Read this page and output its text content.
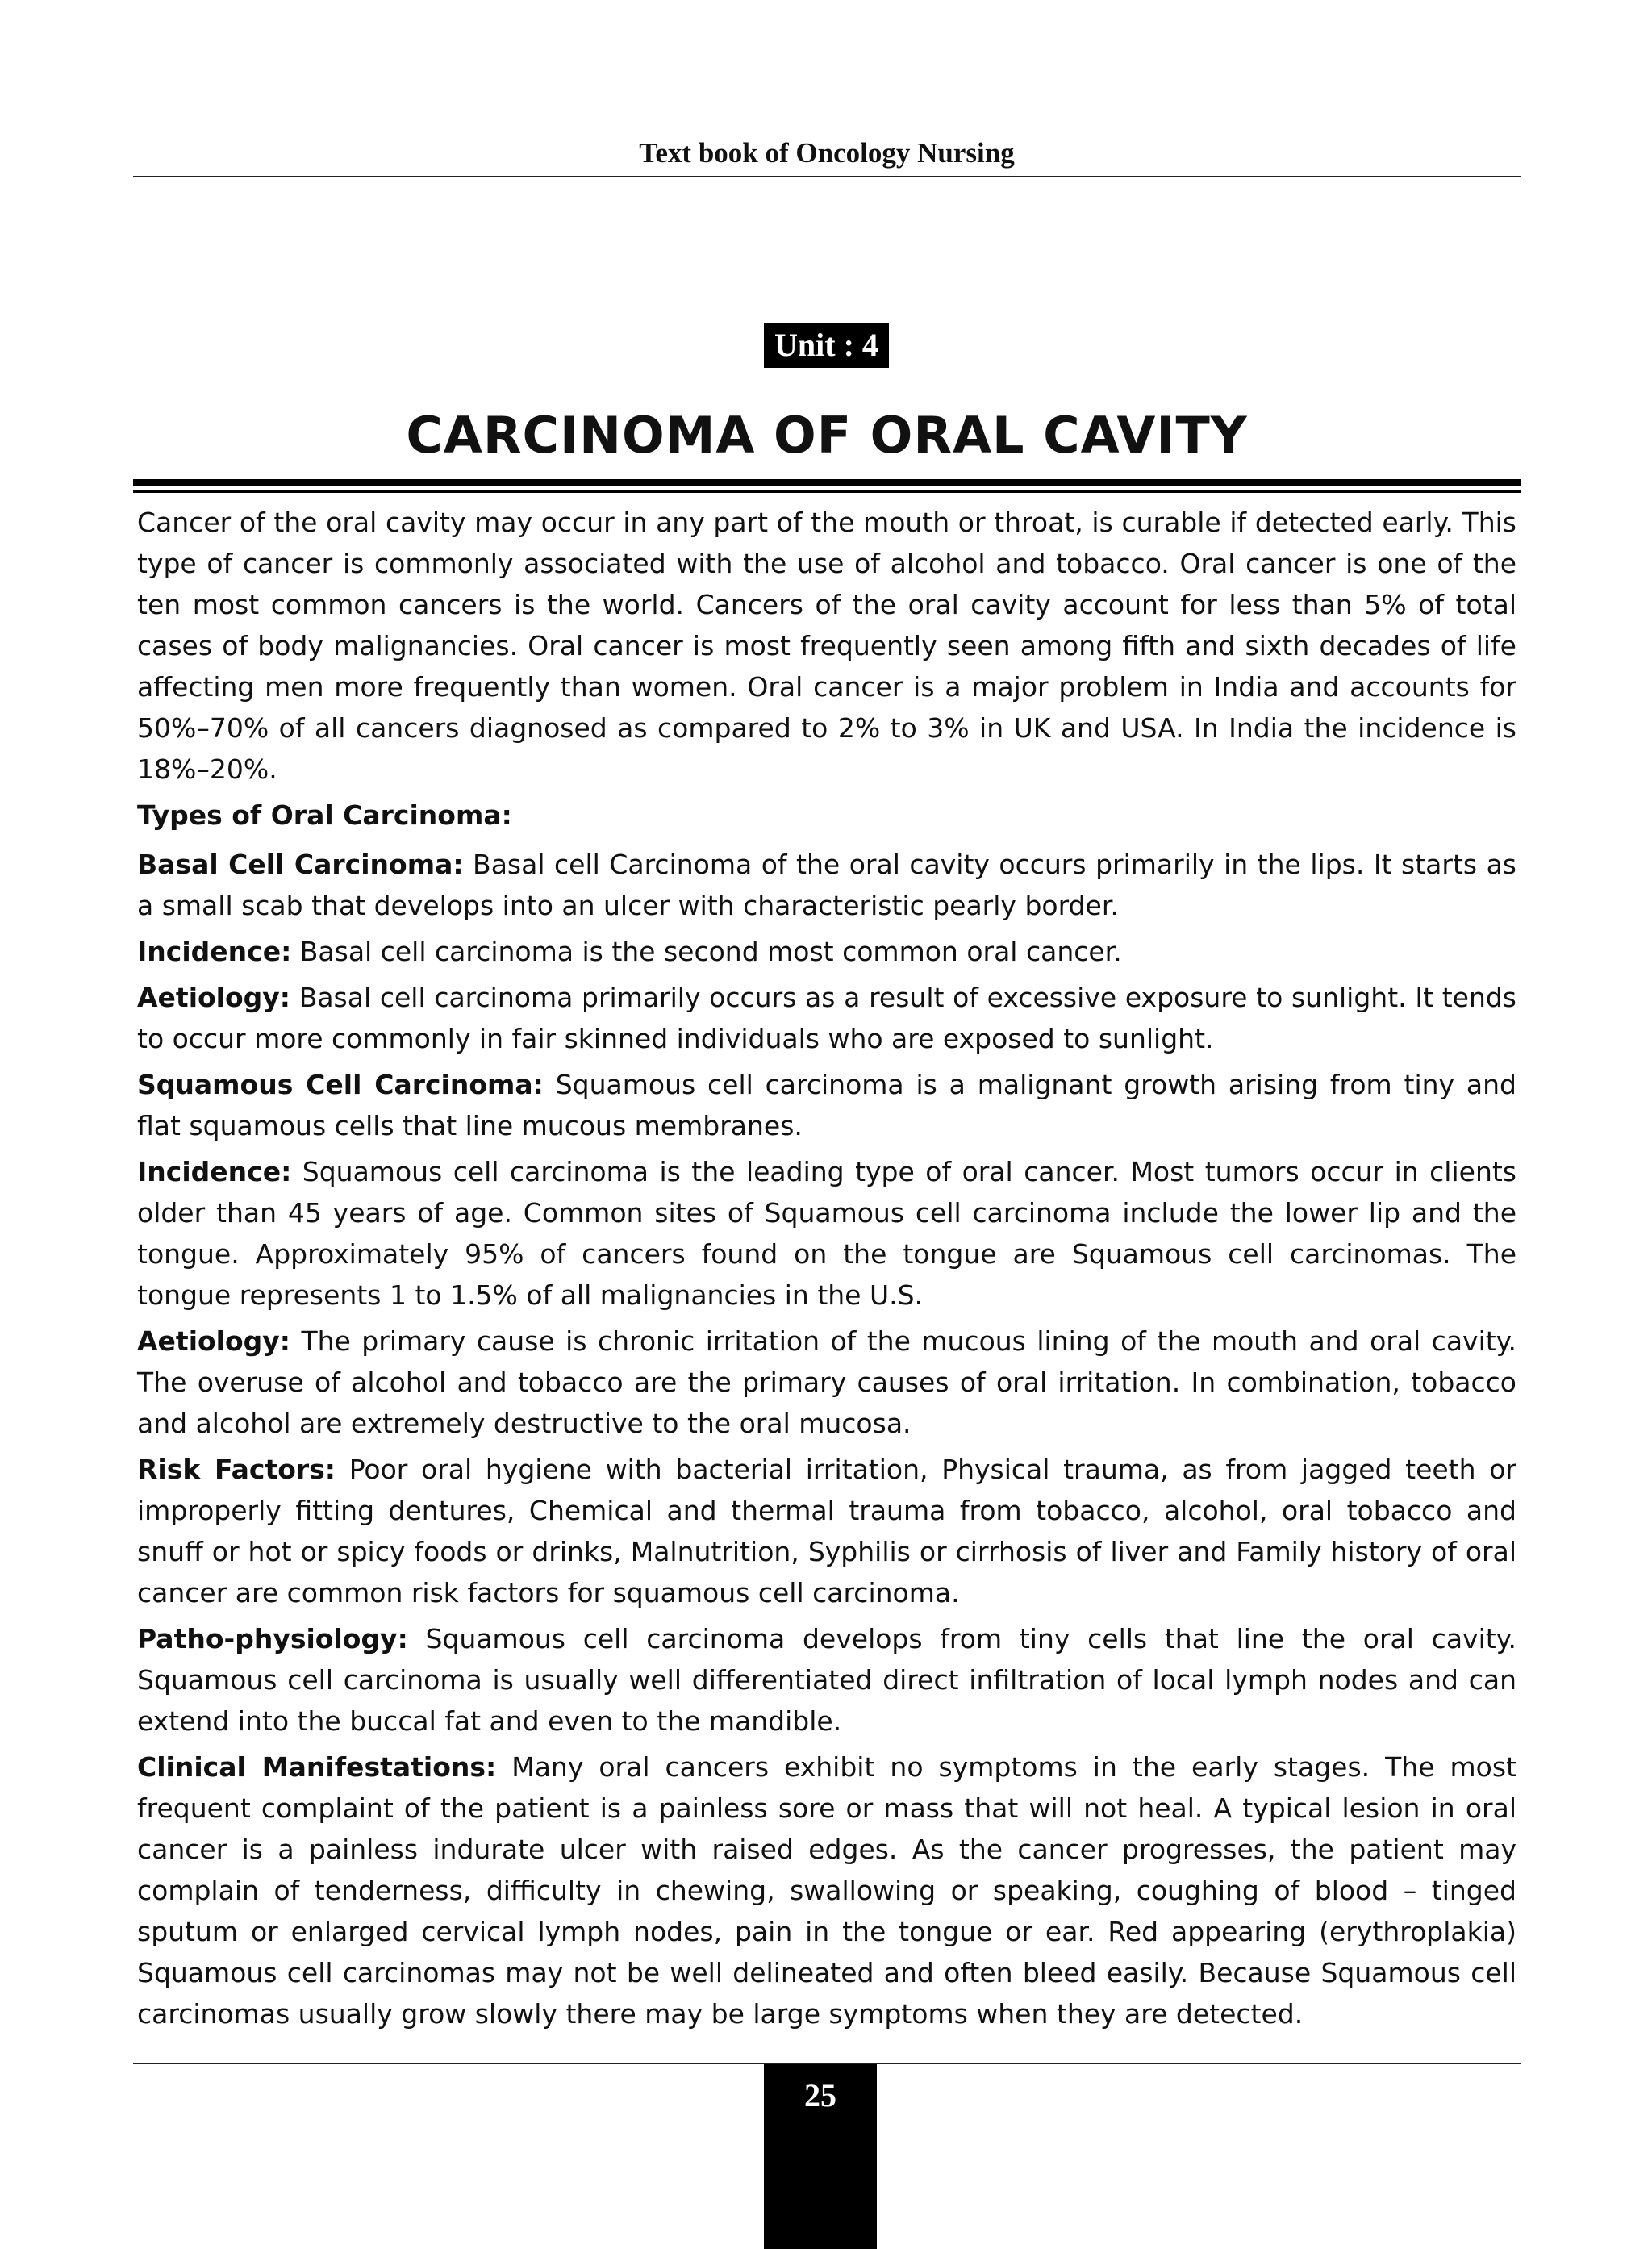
Text book of Oncology Nursing
Unit : 4
CARCINOMA OF ORAL CAVITY

Cancer of the oral cavity may occur in any part of the mouth or throat, is curable if detected early. This type of cancer is commonly associated with the use of alcohol and tobacco. Oral cancer is one of the ten most common cancers is the world. Cancers of the oral cavity account for less than 5% of total cases of body malignancies. Oral cancer is most frequently seen among fifth and sixth decades of life affecting men more frequently than women. Oral cancer is a major problem in India and accounts for 50%–70% of all cancers diagnosed as compared to 2% to 3% in UK and USA. In India the incidence is 18%–20%.

Types of Oral Carcinoma:

Basal Cell Carcinoma: Basal cell Carcinoma of the oral cavity occurs primarily in the lips. It starts as a small scab that develops into an ulcer with characteristic pearly border.

Incidence: Basal cell carcinoma is the second most common oral cancer.

Aetiology: Basal cell carcinoma primarily occurs as a result of excessive exposure to sunlight. It tends to occur more commonly in fair skinned individuals who are exposed to sunlight.

Squamous Cell Carcinoma: Squamous cell carcinoma is a malignant growth arising from tiny and flat squamous cells that line mucous membranes.

Incidence: Squamous cell carcinoma is the leading type of oral cancer. Most tumors occur in clients older than 45 years of age. Common sites of Squamous cell carcinoma include the lower lip and the tongue. Approximately 95% of cancers found on the tongue are Squamous cell carcinomas. The tongue represents 1 to 1.5% of all malignancies in the U.S.

Aetiology: The primary cause is chronic irritation of the mucous lining of the mouth and oral cavity. The overuse of alcohol and tobacco are the primary causes of oral irritation. In combination, tobacco and alcohol are extremely destructive to the oral mucosa.

Risk Factors: Poor oral hygiene with bacterial irritation, Physical trauma, as from jagged teeth or improperly fitting dentures, Chemical and thermal trauma from tobacco, alcohol, oral tobacco and snuff or hot or spicy foods or drinks, Malnutrition, Syphilis or cirrhosis of liver and Family history of oral cancer are common risk factors for squamous cell carcinoma.

Patho-physiology: Squamous cell carcinoma develops from tiny cells that line the oral cavity. Squamous cell carcinoma is usually well differentiated direct infiltration of local lymph nodes and can extend into the buccal fat and even to the mandible.

Clinical Manifestations: Many oral cancers exhibit no symptoms in the early stages. The most frequent complaint of the patient is a painless sore or mass that will not heal. A typical lesion in oral cancer is a painless indurate ulcer with raised edges. As the cancer progresses, the patient may complain of tenderness, difficulty in chewing, swallowing or speaking, coughing of blood – tinged sputum or enlarged cervical lymph nodes, pain in the tongue or ear. Red appearing (erythroplakia) Squamous cell carcinomas may not be well delineated and often bleed easily. Because Squamous cell carcinomas usually grow slowly there may be large symptoms when they are detected.

25
